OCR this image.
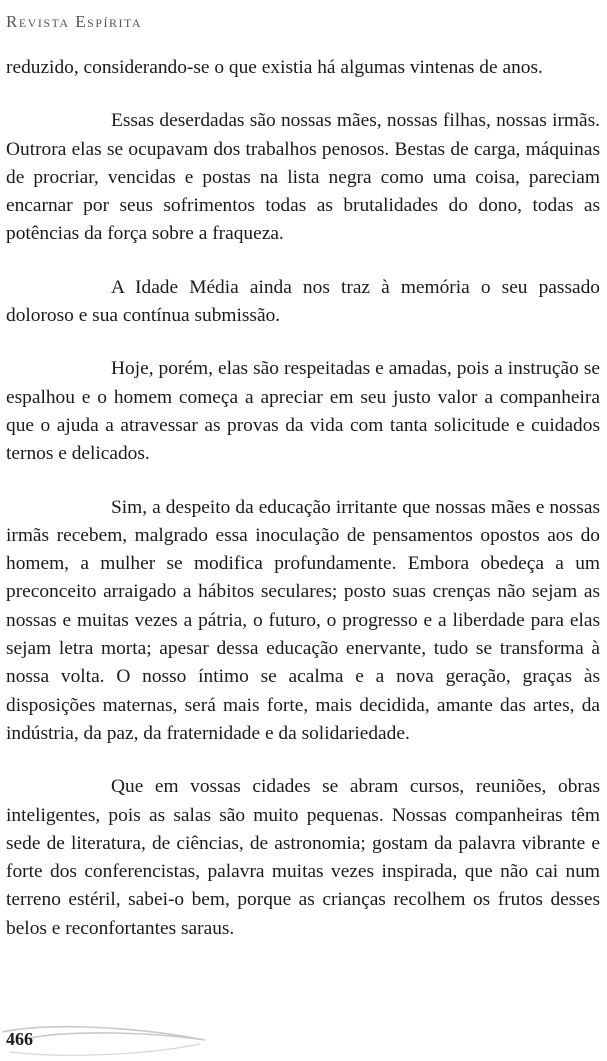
Revista Espírita

reduzido, considerando-se o que existia há algumas vintenas de anos.

Essas deserdadas são nossas mães, nossas filhas, nossas irmãs. Outrora elas se ocupavam dos trabalhos penosos. Bestas de carga, máquinas de procriar, vencidas e postas na lista negra como uma coisa, pareciam encarnar por seus sofrimentos todas as brutalidades do dono, todas as potências da força sobre a fraqueza.

A Idade Média ainda nos traz à memória o seu passado doloroso e sua contínua submissão.

Hoje, porém, elas são respeitadas e amadas, pois a instrução se espalhou e o homem começa a apreciar em seu justo valor a companheira que o ajuda a atravessar as provas da vida com tanta solicitude e cuidados ternos e delicados.

Sim, a despeito da educação irritante que nossas mães e nossas irmãs recebem, malgrado essa inoculação de pensamentos opostos aos do homem, a mulher se modifica profundamente. Embora obedeça a um preconceito arraigado a hábitos seculares; posto suas crenças não sejam as nossas e muitas vezes a pátria, o futuro, o progresso e a liberdade para elas sejam letra morta; apesar dessa educação enervante, tudo se transforma à nossa volta. O nosso íntimo se acalma e a nova geração, graças às disposições maternas, será mais forte, mais decidida, amante das artes, da indústria, da paz, da fraternidade e da solidariedade.

Que em vossas cidades se abram cursos, reuniões, obras inteligentes, pois as salas são muito pequenas. Nossas companheiras têm sede de literatura, de ciências, de astronomia; gostam da palavra vibrante e forte dos conferencistas, palavra muitas vezes inspirada, que não cai num terreno estéril, sabei-o bem, porque as crianças recolhem os frutos desses belos e reconfortantes saraus.

466
